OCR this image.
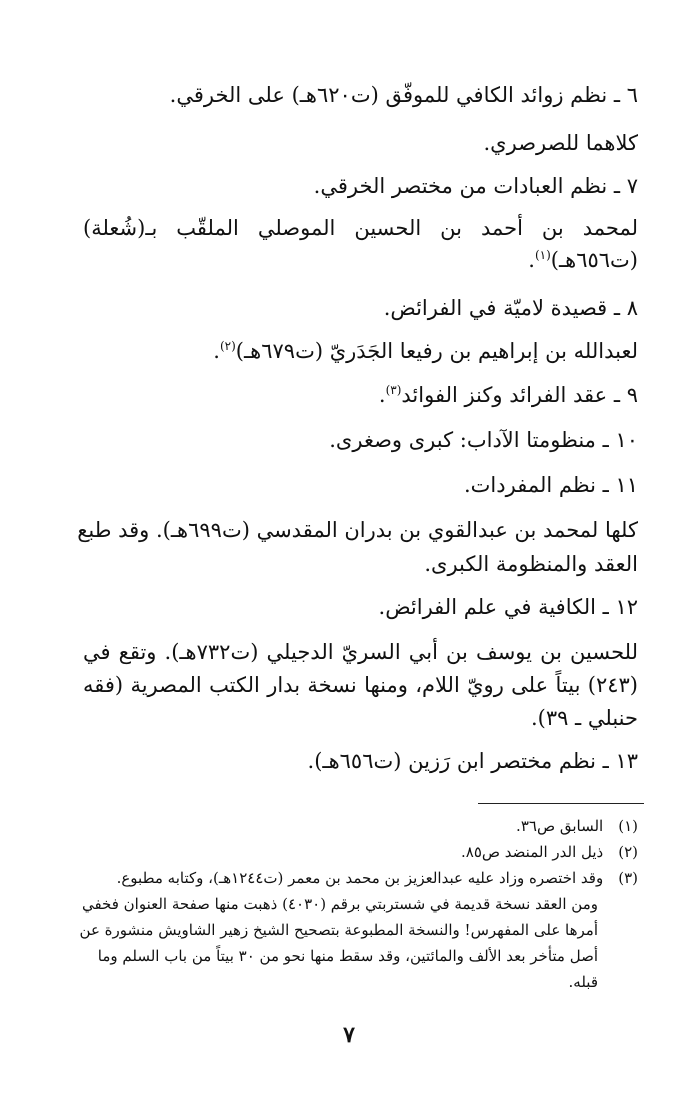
٦ ـ نظم زوائد الكافي للموفّق (ت٦٢٠هـ) على الخرقي.

كلاهما للصرصري.

٧ ـ نظم العبادات من مختصر الخرقي.

لمحمد بن أحمد بن الحسين الموصلي الملقّب بـ(شُعلة)

(ت٦٥٦هـ)$^{(١)}$.

٨ ـ قصيدة لاميّة في الفرائض.

لعبدالله بن إبراهيم بن رفيعا الجَدَريّ (ت٦٧٩هـ)$^{(٢)}$.

٩ ـ عقد الفرائد وكنز الفوائد$^{(٣)}$.

١٠ ـ منظومتا الآداب: كبرى وصغرى.

١١ ـ نظم المفردات.

كلها لمحمد بن عبدالقوي بن بدران المقدسي (ت٦٩٩هـ). وقد طبع

العقد والمنظومة الكبرى.

١٢ ـ الكافية في علم الفرائض.

للحسين بن يوسف بن أبي السريّ الدجيلي (ت٧٣٢هـ). وتقع في

(٢٤٣) بيتاً على رويّ اللام، ومنها نسخة بدار الكتب المصرية (فقه

حنبلي ـ ٣٩).

١٣ ـ نظم مختصر ابن رَزين (ت٦٥٦هـ).

(١) السابق ص٣٦.
(٢) ذيل الدر المنضد ص٨٥.
(٣) وقد اختصره وزاد عليه عبدالعزيز بن محمد بن معمر (ت١٢٤٤هـ)، وكتابه مطبوع.
ومن العقد نسخة قديمة في شستربتي برقم (٤٠٣٠) ذهبت منها صفحة العنوان فخفي
أمرها على المفهرس! والنسخة المطبوعة بتصحيح الشيخ زهير الشاويش منشورة عن
أصل متأخر بعد الألف والمائتين، وقد سقط منها نحو من ٣٠ بيتاً من باب السلم وما
قبله.
٧
